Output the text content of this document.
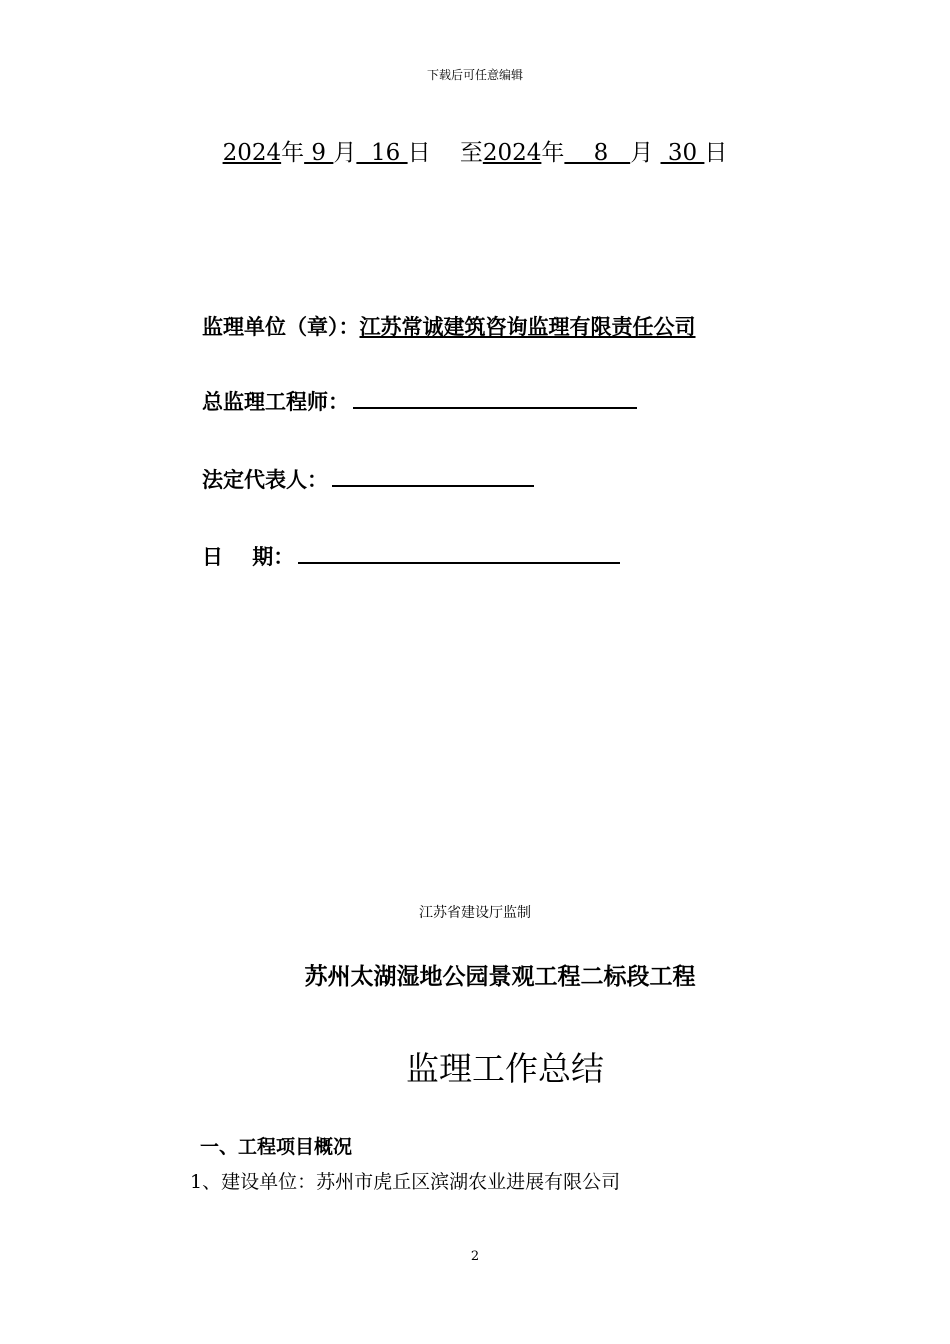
下载后可任意编辑
2024年 9 月  16 日 至2024年    8   月  30 日
监理单位（章）：江苏常诚建筑咨询监理有限责任公司
总监理工程师：
法定代表人：
日    期：
江苏省建设厅监制
苏州太湖湿地公园景观工程二标段工程
监理工作总结
一、工程项目概况
1、建设单位：苏州市虎丘区滨湖农业进展有限公司
2
